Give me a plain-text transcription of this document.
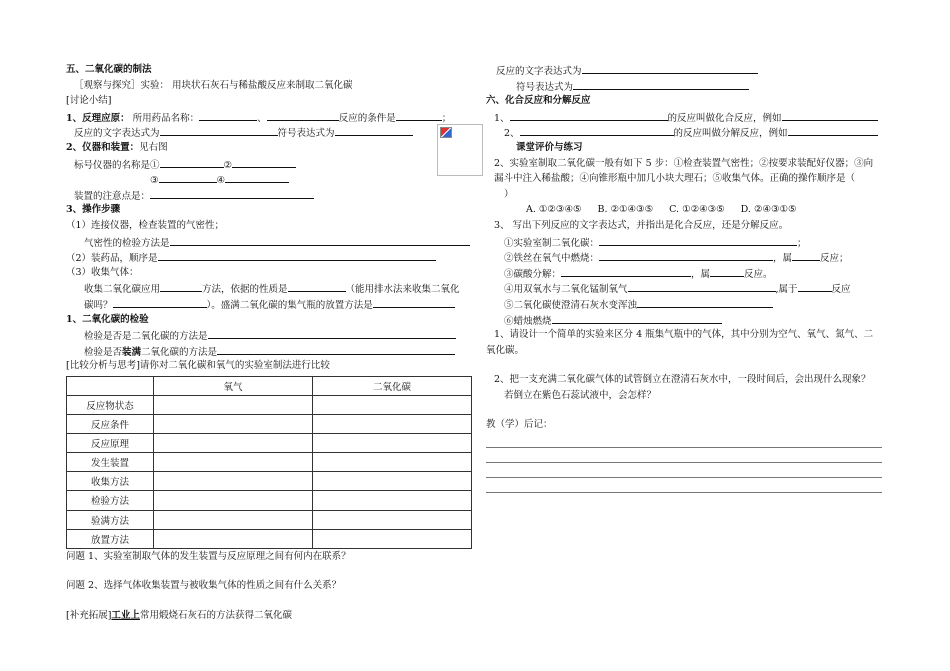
五、二氧化碳的制法
［观察与探究］实验： 用块状石灰石与稀盐酸反应来制取二氧化碳
[讨论小结]
1、反理应原： 所用药品名称：	、	反应的条件是	；
反应的文字表达式为	符号表达式为
2、仪器和装置：见右图
标号仪器的名称是①	②
③	④
装置的注意点是：
3、操作步骤
（1）连接仪器，检查装置的气密性；
气密性的检验方法是
（2）装药品，顺序是
（3）收集气体：
收集二氧化碳应用	方法，依据的性质是	（能用排水法来收集二氧化
碳吗？	）。盛满二氧化碳的集气瓶的放置方法是
1、二氧化碳的检验
检验是否是二氧化碳的方法是
检验是否装满二氧化碳的方法是
[比较分析与思考]请你对二氧化碳和氧气的实验室制法进行比较
	氧气	二氧化碳
反应物状态		
反应条件		
反应原理		
发生装置		
收集方法		
检验方法		
验满方法		
放置方法		
问题 1、实验室制取气体的发生装置与反应原理之间有何内在联系？
问题 2、选择气体收集装置与被收集气体的性质之间有什么关系？
[补充拓展]工业上常用煅烧石灰石的方法获得二氧化碳
反应的文字表达式为
符号表达式为
六、化合反应和分解反应
1、	的反应叫做化合反应，例如
2、	的反应叫做分解反应，例如
课堂评价与练习
2、实验室制取二氧化碳一般有如下 5 步：①检查装置气密性；②按要求装配好仪器；③向
漏斗中注入稀盐酸；④向锥形瓶中加几小块大理石；⑤收集气体。正确的操作顺序是（
）
A. ①②③④⑤ B. ②①④③⑤ C. ①②④③⑤ D. ②④③①⑤
3、 写出下列反应的文字表达式，并指出是化合反应，还是分解反应。
①实验室制二氧化碳：	；
②铁丝在氧气中燃烧：	，属	反应；
③碳酸分解：	，属	反应。
④用双氧水与二氧化锰制氧气	,属于	反应
⑤二氧化碳使澄清石灰水变浑浊
⑥蜡烛燃烧
1、请设计一个简单的实验来区分 4 瓶集气瓶中的气体，其中分别为空气、氧气、氮气、二
氧化碳。
2、把一支充满二氧化碳气体的试管倒立在澄清石灰水中，一段时间后，会出现什么现象？
若倒立在紫色石蕊试液中，会怎样？
教（学）后记：
